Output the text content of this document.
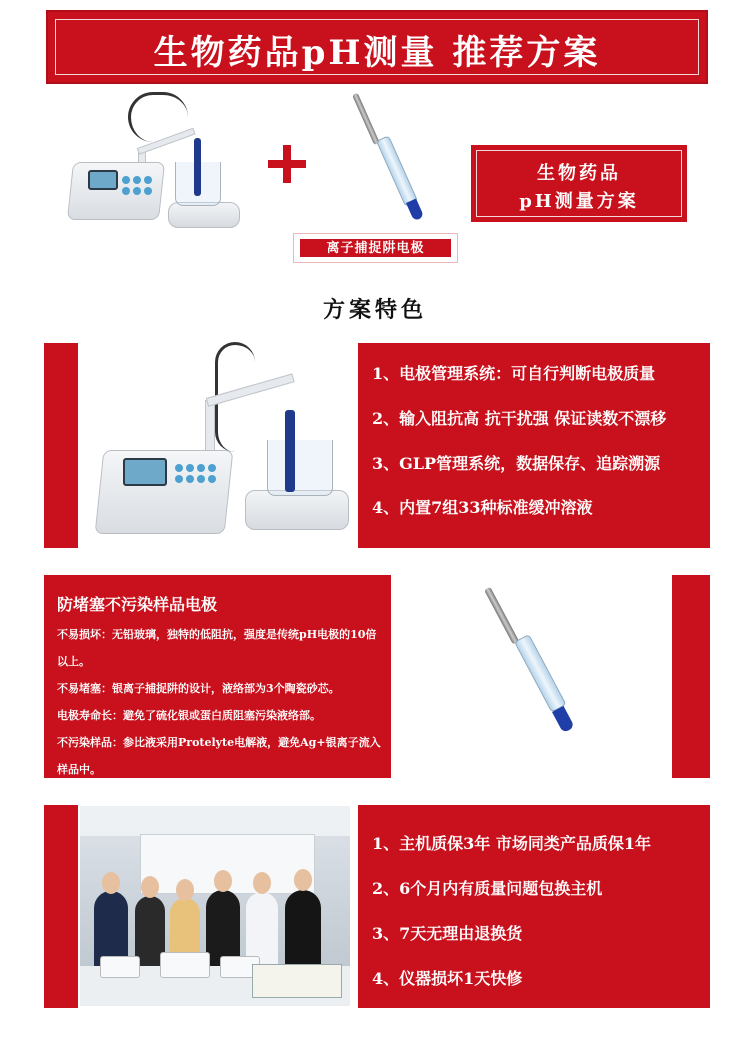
生物药品pH测量 推荐方案
离子捕捉阱电极
生物药品
pH测量方案
方案特色
1、电极管理系统：可自行判断电极质量
2、输入阻抗高 抗干扰强 保证读数不漂移
3、GLP管理系统，数据保存、追踪溯源
4、内置7组33种标准缓冲溶液
防堵塞不污染样品电极
不易损坏：无铅玻璃，独特的低阻抗，强度是传统pH电极的10倍
以上。
不易堵塞：银离子捕捉阱的设计，液络部为3个陶瓷砂芯。
电极寿命长：避免了硫化银或蛋白质阻塞污染液络部。
不污染样品：参比液采用Protelyte电解液，避免Ag+银离子流入
样品中。
1、主机质保3年 市场同类产品质保1年
2、6个月内有质量问题包换主机
3、7天无理由退换货
4、仪器损坏1天快修
